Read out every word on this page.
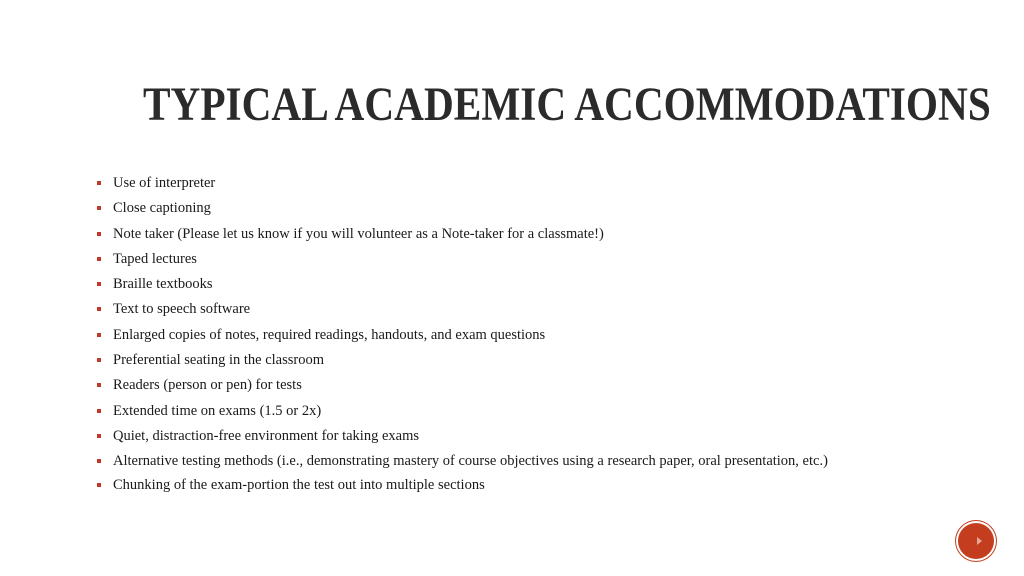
TYPICAL ACADEMIC ACCOMMODATIONS
Use of interpreter
Close captioning
Note taker (Please let us know if you will volunteer as a Note-taker for a classmate!)
Taped lectures
Braille textbooks
Text to speech software
Enlarged copies of notes, required readings, handouts, and exam questions
Preferential seating in the classroom
Readers (person or pen) for tests
Extended time on exams (1.5 or 2x)
Quiet, distraction-free environment for taking exams
Alternative testing methods (i.e., demonstrating mastery of course objectives using a research paper, oral presentation, etc.)
Chunking of the exam-portion the test out into multiple sections
